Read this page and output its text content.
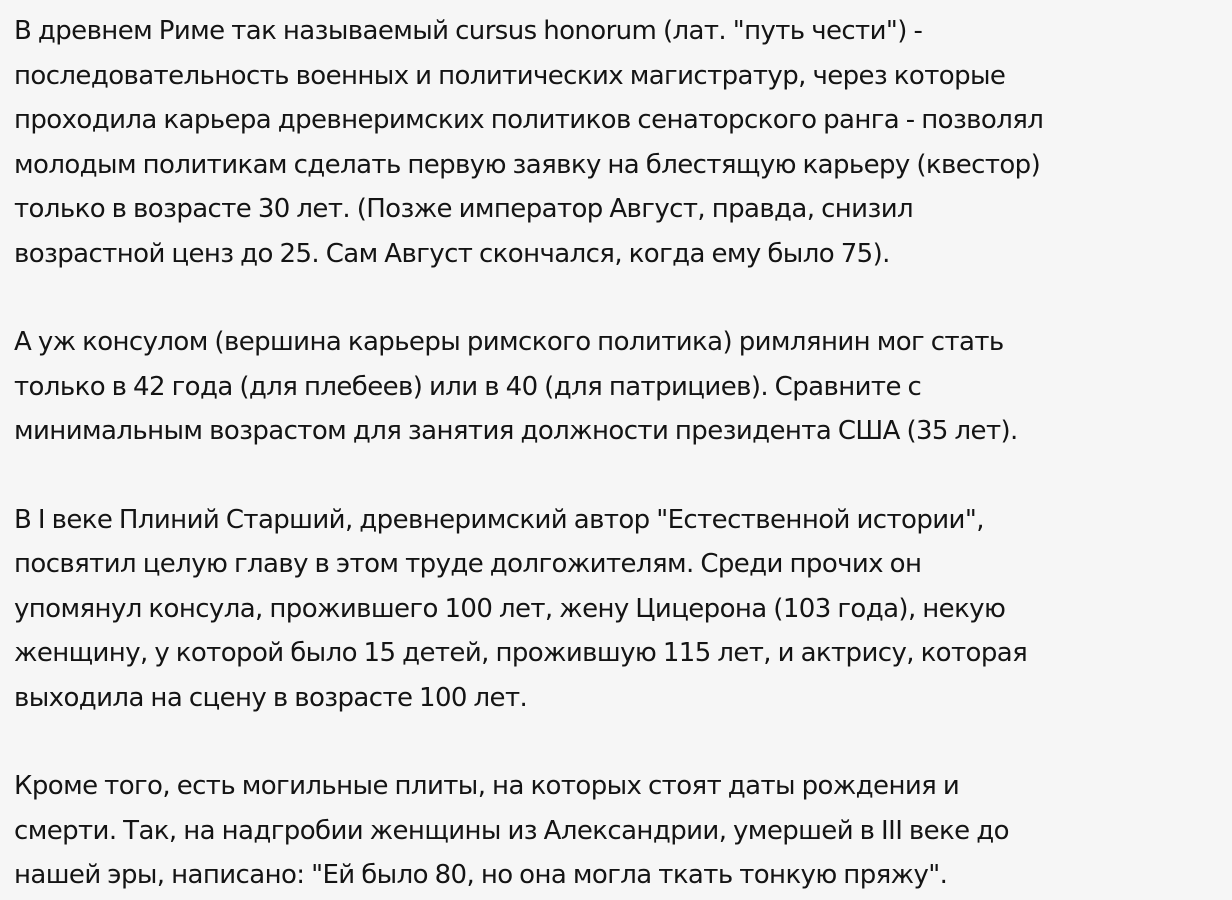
В древнем Риме так называемый cursus honorum (лат. "путь чести") -
последовательность военных и политических магистратур, через которые
проходила карьера древнеримских политиков сенаторского ранга - позволял
молодым политикам сделать первую заявку на блестящую карьеру (квестор)
только в возрасте 30 лет. (Позже император Август, правда, снизил
возрастной ценз до 25. Сам Август скончался, когда ему было 75).

А уж консулом (вершина карьеры римского политика) римлянин мог стать
только в 42 года (для плебеев) или в 40 (для патрициев). Сравните с
минимальным возрастом для занятия должности президента США (35 лет).

В I веке Плиний Старший, древнеримский автор "Естественной истории",
посвятил целую главу в этом труде долгожителям. Среди прочих он
упомянул консула, прожившего 100 лет, жену Цицерона (103 года), некую
женщину, у которой было 15 детей, прожившую 115 лет, и актрису, которая
выходила на сцену в возрасте 100 лет.

Кроме того, есть могильные плиты, на которых стоят даты рождения и
смерти. Так, на надгробии женщины из Александрии, умершей в III веке до
нашей эры, написано: "Ей было 80, но она могла ткать тонкую пряжу".
